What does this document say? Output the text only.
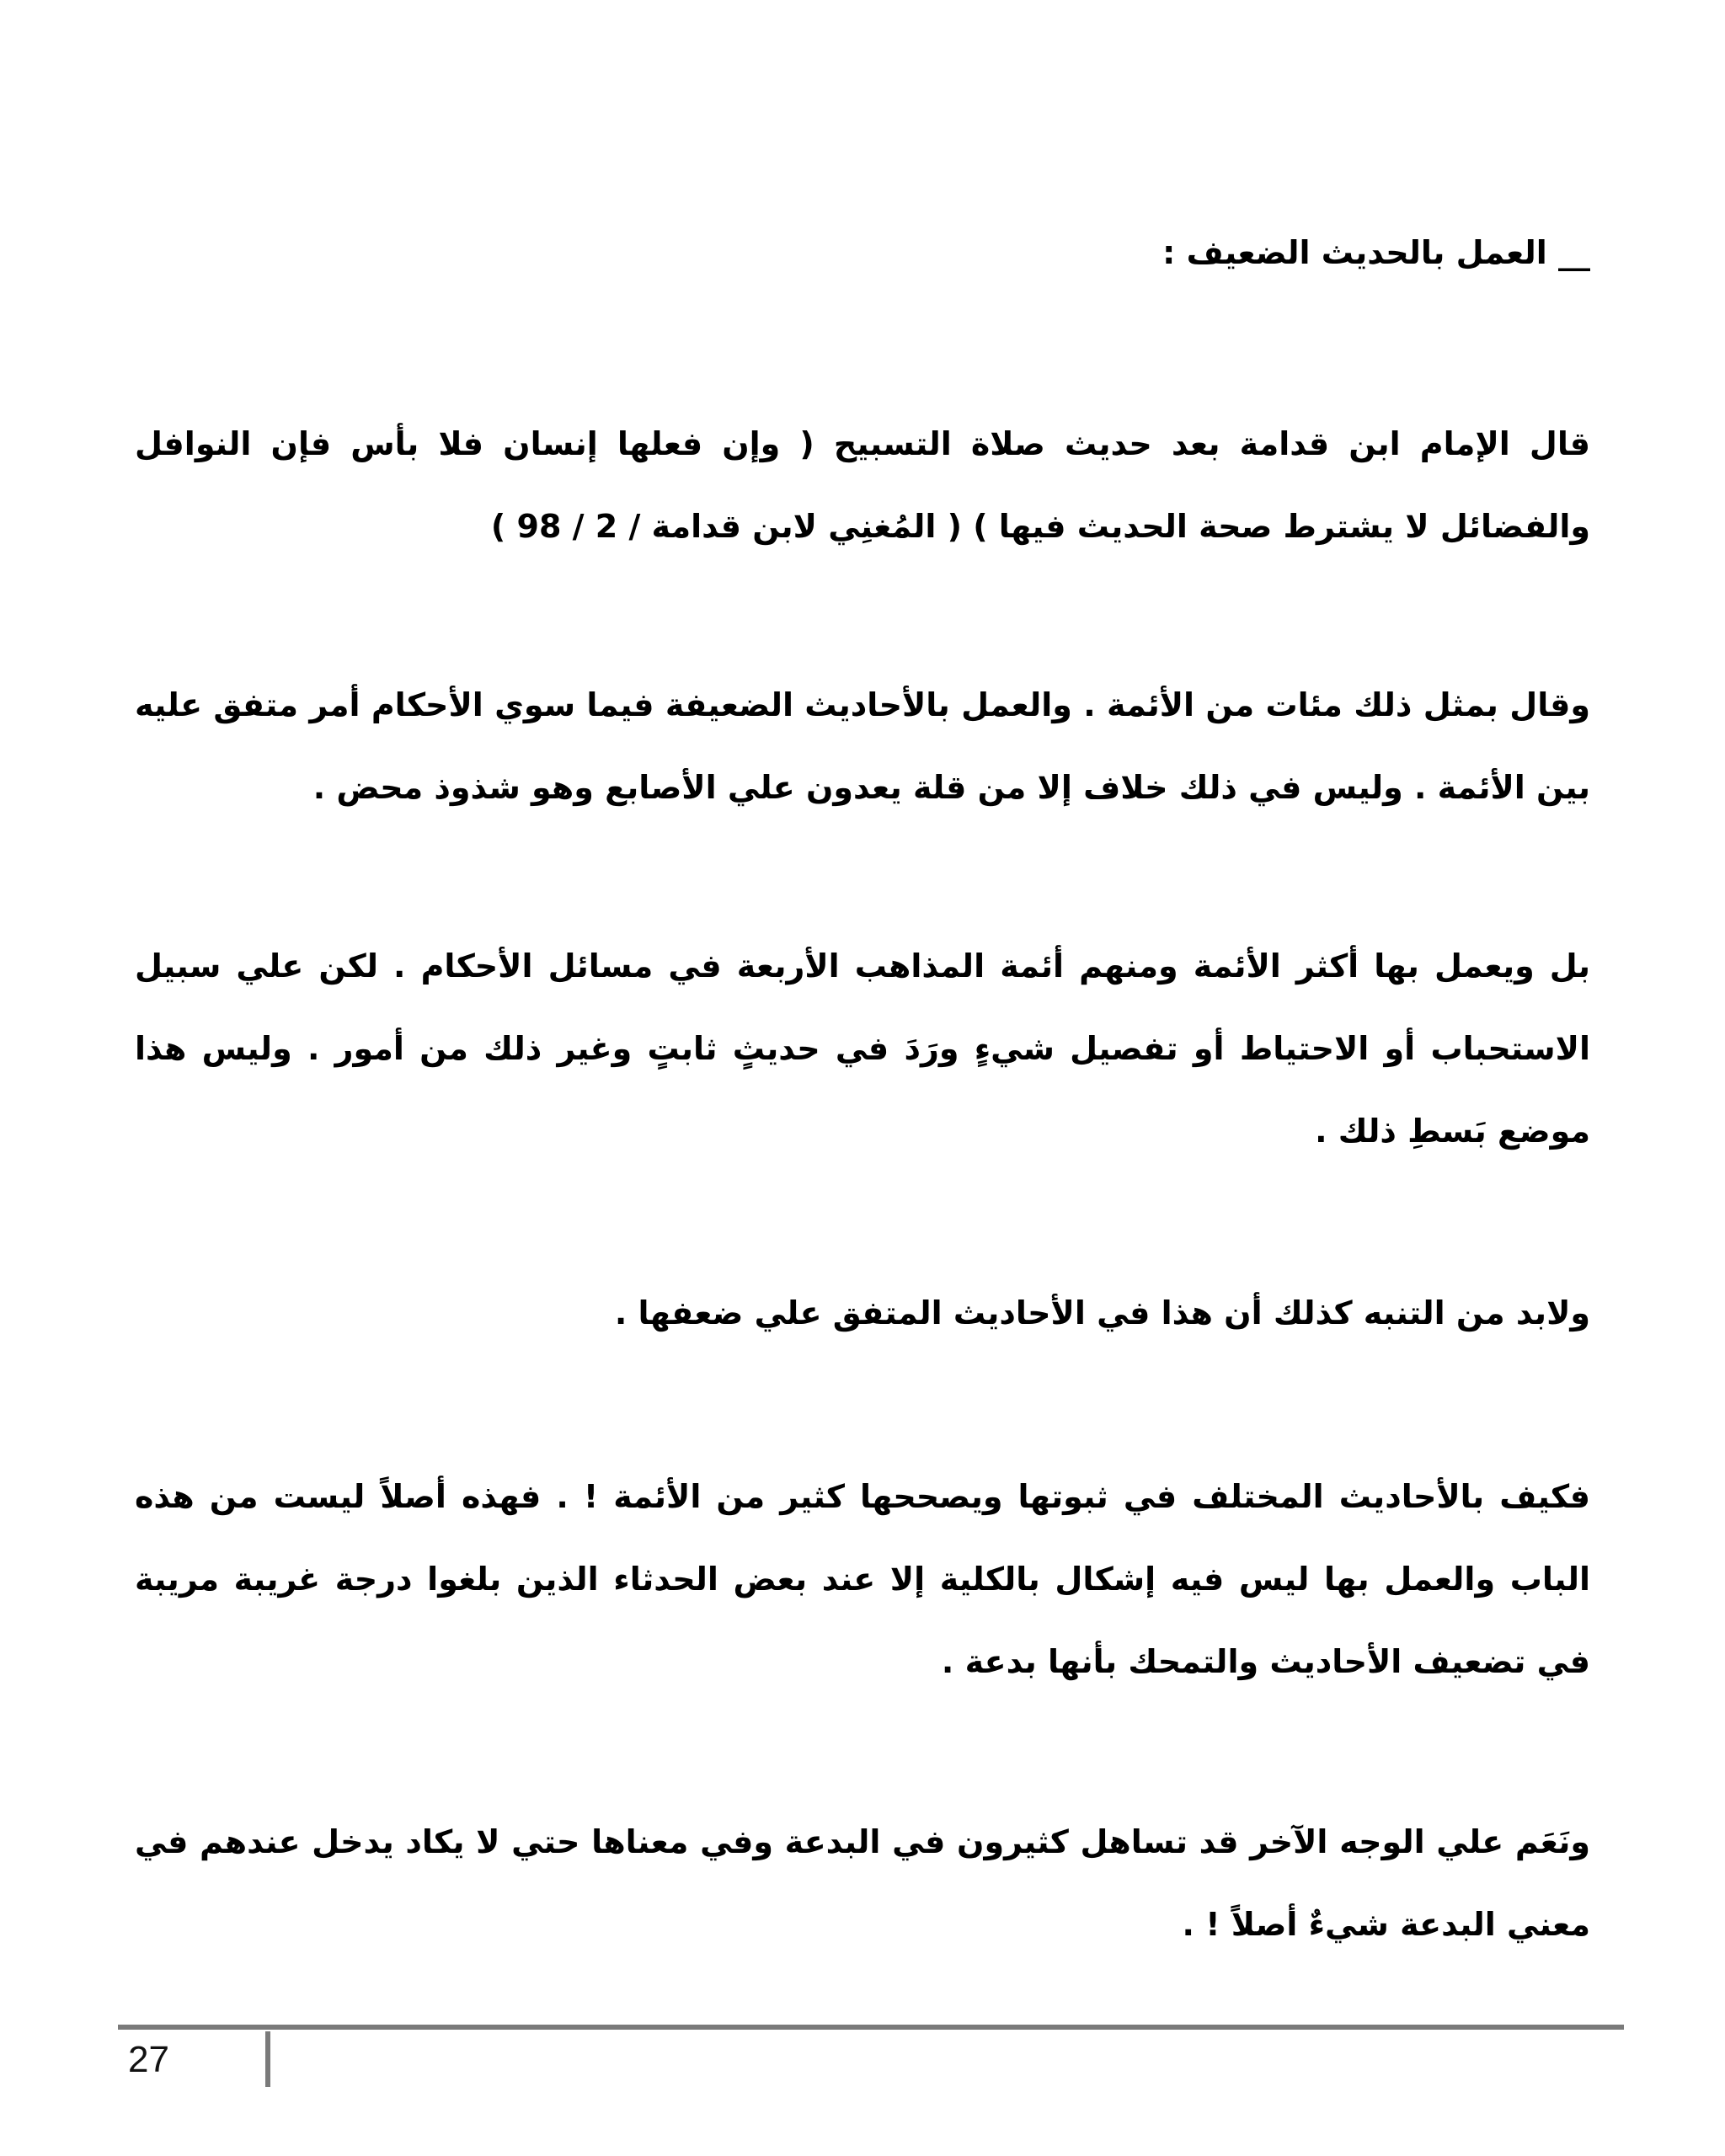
__ العمل بالحديث الضعيف :

قال الإمام ابن قدامة بعد حديث صلاة التسبيح ( وإن فعلها إنسان فلا بأس فإن النوافل والفضائل لا يشترط صحة الحديث فيها ) ( المُغنِي لابن قدامة / 2 / 98 )

وقال بمثل ذلك مئات من الأئمة . والعمل بالأحاديث الضعيفة فيما سوي الأحكام أمر متفق عليه بين الأئمة . وليس في ذلك خلاف إلا من قلة يعدون علي الأصابع وهو شذوذ محض .

بل ويعمل بها أكثر الأئمة ومنهم أئمة المذاهب الأربعة في مسائل الأحكام . لكن علي سبيل الاستحباب أو الاحتياط أو تفصيل شيءٍ ورَدَ في حديثٍ ثابتٍ وغير ذلك من أمور . وليس هذا موضع بَسطِ ذلك .

ولابد من التنبه كذلك أن هذا في الأحاديث المتفق علي ضعفها .

فكيف بالأحاديث المختلف في ثبوتها ويصححها كثير من الأئمة ! . فهذه أصلاً ليست من هذه الباب والعمل بها ليس فيه إشكال بالكلية إلا عند بعض الحدثاء الذين بلغوا درجة غريبة مريبة في تضعيف الأحاديث والتمحك بأنها بدعة .

ونَعَم علي الوجه الآخر قد تساهل كثيرون في البدعة وفي معناها حتي لا يكاد يدخل عندهم في معني البدعة شيءٌ أصلاً ! .

27
